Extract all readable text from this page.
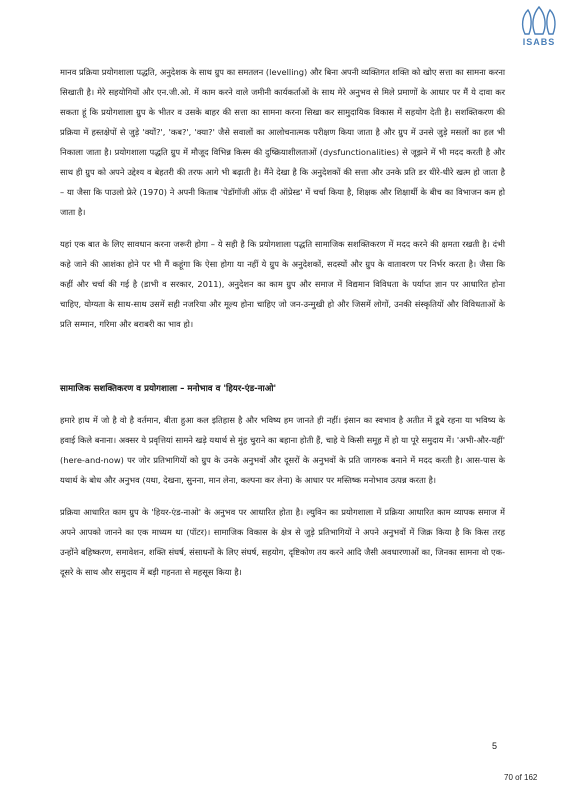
ISABS

मानव प्रक्रिया प्रयोगशाला पद्धति, अनुदेशक के साथ ग्रुप का समतलन (levelling) और बिना अपनी व्यक्तिगत शक्ति को खोए सत्ता का सामना करना सिखाती है। मेरे सहयोगियों और एन.जी.ओ. में काम करने वाले जमीनी कार्यकर्ताओं के साथ मेरे अनुभव से मिले प्रमाणों के आधार पर मैं ये दावा कर सकता हूं कि प्रयोगशाला ग्रुप के भीतर व उसके बाहर की सत्ता का सामना करना सिखा कर सामुदायिक विकास में सहयोग देती है। सशक्तिकरण की प्रक्रिया में हस्तक्षेपों से जुड़े 'क्यों?', 'कब?', 'क्या?' जैसे सवालों का आलोचनात्मक परीक्षण किया जाता है और ग्रुप में उनसे जुड़े मसलों का हल भी निकाला जाता है। प्रयोगशाला पद्धति ग्रुप में मौजूद विभिन्न किस्म की दुष्क्रियाशीलताओं (dysfunctionalities) से जूझने में भी मदद करती है और साथ ही ग्रुप को अपने उद्देश्य व बेहतरी की तरफ आगे भी बढ़ाती है। मैंने देखा है कि अनुदेशकों की सत्ता और उनके प्रति डर धीरे-धीरे खत्म हो जाता है – या जैसा कि पाउलो फ्रेरे (1970) ने अपनी किताब 'पेडॉगॉजी ऑफ़ दी ऑप्रेस्ड' में चर्चा किया है, शिक्षक और शिक्षार्थी के बीच का विभाजन कम हो जाता है।

यहां एक बात के लिए सावधान करना जरूरी होगा – ये सही है कि प्रयोगशाला पद्धति सामाजिक सशक्तिकरण में मदद करने की क्षमता रखती है। दंभी कहे जाने की आशंका होने पर भी मैं कहूंगा कि ऐसा होगा या नहीं ये ग्रुप के अनुदेशकों, सदस्यों और ग्रुप के वातावरण पर निर्भर करता है। जैसा कि कहीं और चर्चा की गई है (डाभी व सरकार, 2011), अनुदेशन का काम ग्रुप और समाज में विद्यमान विविधता के पर्याप्त ज्ञान पर आधारित होना चाहिए, योग्यता के साथ-साथ उसमें सही नजरिया और मूल्य होना चाहिए जो जन-उन्मुखी हो और जिसमें लोगों, उनकी संस्कृतियों और विविधताओं के प्रति सम्मान, गरिमा और बराबरी का भाव हो।

सामाजिक सशक्तिकरण व प्रयोगशाला – मनोभाव व 'हियर-एंड-नाओ'

हमारे हाथ में जो है वो है वर्तमान, बीता हुआ कल इतिहास है और भविष्य हम जानते ही नहीं। इंसान का स्वभाव है अतीत में डूबे रहना या भविष्य के हवाई किले बनाना। अक्सर ये प्रवृत्तियां सामने खड़े यथार्थ से मुंह चुराने का बहाना होती हैं, चाहे ये किसी समूह में हो या पूरे समुदाय में। 'अभी-और-यहीं' (here-and-now) पर जोर प्रतिभागियों को ग्रुप के उनके अनुभवों और दूसरों के अनुभवों के प्रति जागरुक बनाने में मदद करती है। आस-पास के यथार्थ के बोध और अनुभव (यथा, देखना, सुनना, मान लेना, कल्पना कर लेना) के आधार पर मस्तिष्क मनोभाव उत्पन्न करता है।

प्रक्रिया आधारित काम ग्रुप के 'हियर-एंड-नाओ' के अनुभव पर आधारित होता है। ल्युविन का प्रयोगशाला में प्रक्रिया आधारित काम व्यापक समाज में अपने आपको जानने का एक माध्यम था (पॉटर)। सामाजिक विकास के क्षेत्र से जुड़े प्रतिभागियों ने अपने अनुभवों में जिक्र किया है कि किस तरह उन्होंने बहिष्करण, समावेशन, शक्ति संघर्ष, संसाधनों के लिए संघर्ष, सहयोग, दृष्टिकोण तय करने आदि जैसी अवधारणाओं का, जिनका सामना वो एक-दूसरे के साथ और समुदाय में बड़ी गहनता से महसूस किया है।

5
70 of 162
